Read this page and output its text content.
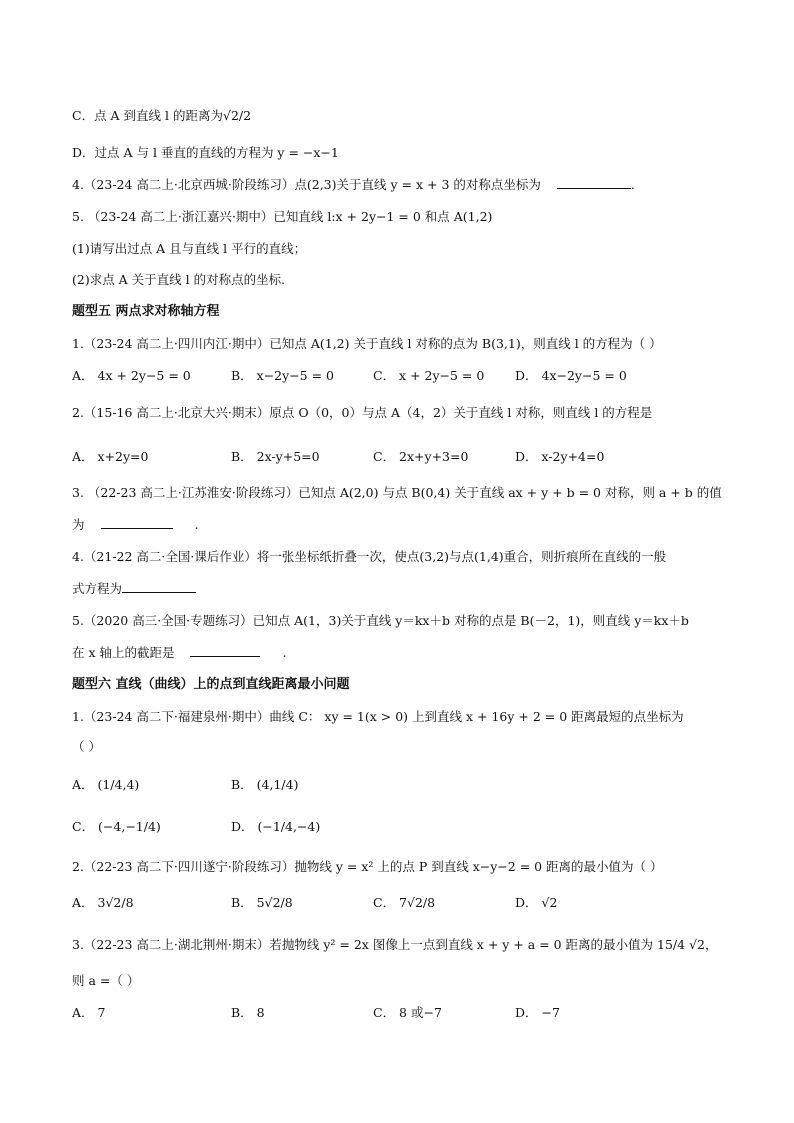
C．点 A 到直线 l 的距离为√2/2
D．过点 A 与 l 垂直的直线的方程为 y = −x−1
4.（23-24 高二上·北京西城·阶段练习）点(2,3)关于直线 y = x + 3 的对称点坐标为	.
5. （23-24 高二上·浙江嘉兴·期中）已知直线 l:x + 2y−1 = 0 和点 A(1,2)
(1)请写出过点 A 且与直线 l 平行的直线；
(2)求点 A 关于直线 l 的对称点的坐标.
题型五 两点求对称轴方程
1.（23-24 高二上·四川内江·期中）已知点 A(1,2) 关于直线 l 对称的点为 B(3,1)，则直线 l 的方程为（ ）
A． 4x + 2y−5 = 0	B． x−2y−5 = 0	C． x + 2y−5 = 0 D． 4x−2y−5 = 0
2.（15-16 高二上·北京大兴·期末）原点 O（0，0）与点 A（4，2）关于直线 l 对称，则直线 l 的方程是
A． x+2y=0	B． 2x-y+5=0	C． 2x+y+3=0	D． x-2y+4=0
3. （22-23 高二上·江苏淮安·阶段练习）已知点 A(2,0) 与点 B(0,4) 关于直线 ax + y + b = 0 对称，则 a + b 的值
为	.
4.（21-22 高二·全国·课后作业）将一张坐标纸折叠一次，使点(3,2)与点(1,4)重合，则折痕所在直线的一般
式方程为
5.（2020 高三·全国·专题练习）已知点 A(1，3)关于直线 y＝kx＋b 对称的点是 B(－2，1)，则直线 y＝kx＋b
在 x 轴上的截距是	.
题型六 直线（曲线）上的点到直线距离最小问题
1.（23-24 高二下·福建泉州·期中）曲线 C： xy = 1(x > 0) 上到直线 x + 16y + 2 = 0 距离最短的点坐标为
（ ）
A． (1/4,4)	B． (4,1/4)
C． (−4,−1/4)	D． (−1/4,−4)
2.（22-23 高二下·四川遂宁·阶段练习）抛物线 y = x² 上的点 P 到直线 x−y−2 = 0 距离的最小值为（ ）
A． 3√2/8	B． 5√2/8	C． 7√2/8	D． √2
3.（22-23 高二上·湖北荆州·期末）若抛物线 y² = 2x 图像上一点到直线 x + y + a = 0 距离的最小值为 15/4 √2，
则 a =（ ）
A． 7	B． 8	C． 8 或−7	D． −7
